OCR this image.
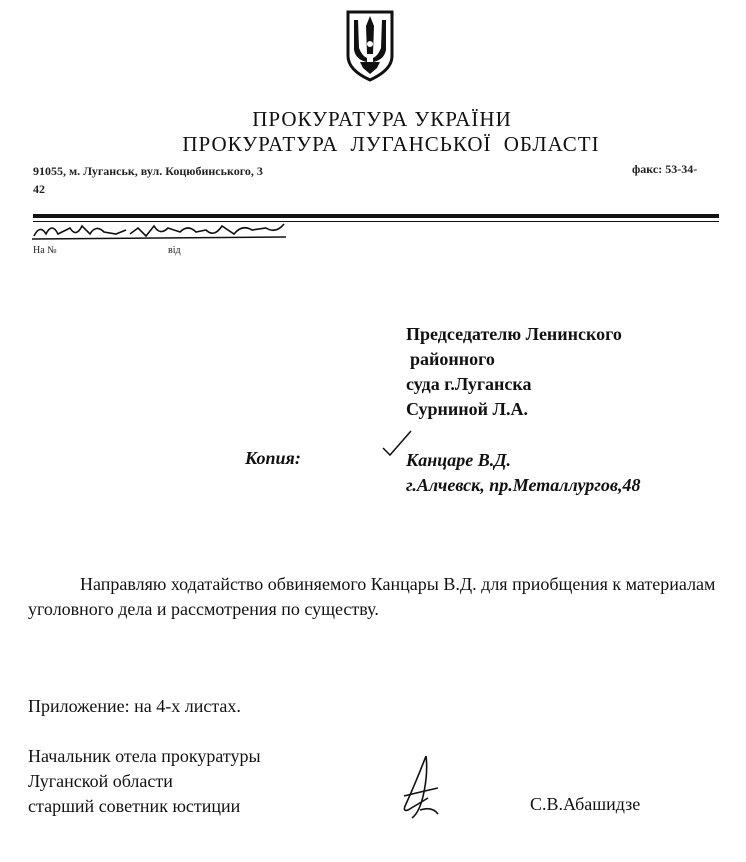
ПРОКУРАТУРА УКРАЇНИ
ПРОКУРАТУРА ЛУГАНСЬКОЇ ОБЛАСТІ
91055, м. Луганськ, вул. Коцюбинського, 3
42
факс: 53-34-
На №	від
Председателю Ленинского
районного
суда г.Луганска
Сурниной Л.А.
Копия:	Канцаре В.Д.
г.Алчевск, пр.Металлургов,48
Направляю ходатайство обвиняемого Канцары В.Д. для приобщения к материалам уголовного дела и рассмотрения по существу.
Приложение: на 4-х листах.
Начальник отела прокуратуры
Луганской области
старший советник юстиции	С.В.Абашидзе
